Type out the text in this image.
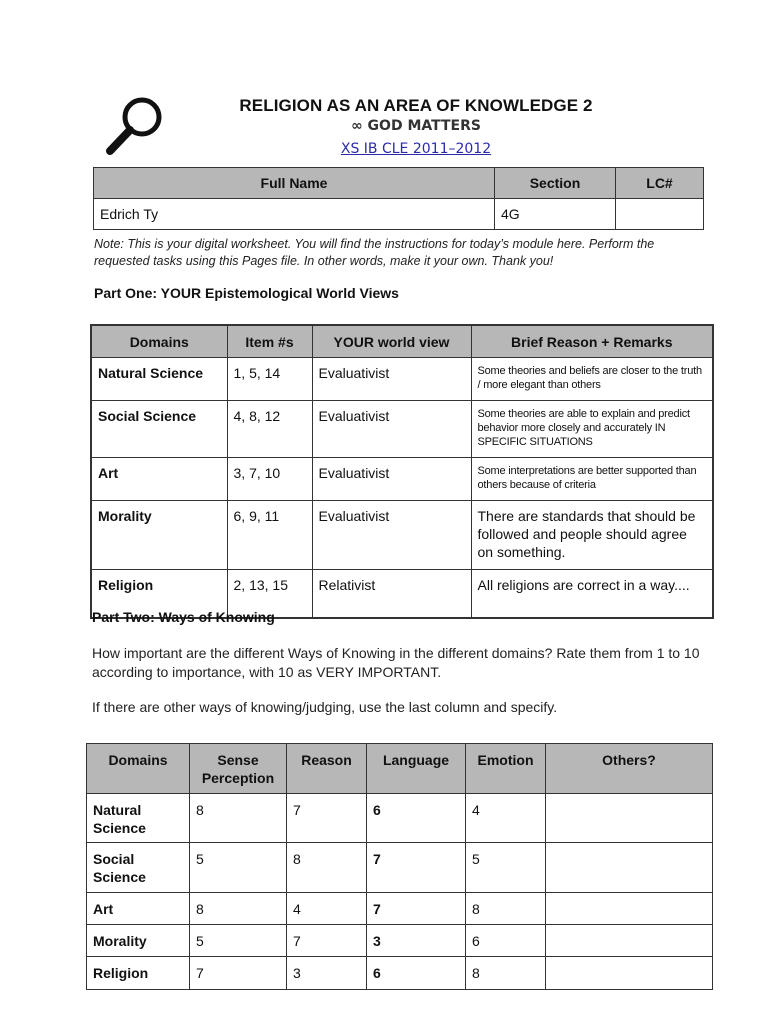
RELIGION AS AN AREA OF KNOWLEDGE 2
∞ GOD MATTERS
XS IB CLE 2011–2012
Full Name	Section	LC#
Edrich Ty	4G	
Note: This is your digital worksheet. You will find the instructions for today’s module here. Perform the requested tasks using this Pages file. In other words, make it your own. Thank you!
Part One: YOUR Epistemological World Views
Domains	Item #s	YOUR world view	Brief Reason + Remarks
Natural Science	1, 5, 14	Evaluativist	Some theories and beliefs are closer to the truth / more elegant than others
Social Science	4, 8, 12	Evaluativist	Some theories are able to explain and predict behavior more closely and accurately IN SPECIFIC SITUATIONS
Art	3, 7, 10	Evaluativist	Some interpretations are better supported than others because of criteria
Morality	6, 9, 11	Evaluativist	There are standards that should be followed and people should agree on something.
Religion	2, 13, 15	Relativist	All religions are correct in a way....
Part Two: Ways of Knowing
How important are the different Ways of Knowing in the different domains? Rate them from 1 to 10 according to importance, with 10 as VERY IMPORTANT.
If there are other ways of knowing/judging, use the last column and specify.
Domains	Sense Perception	Reason	Language	Emotion	Others?
Natural Science	8	7	6	4	
Social Science	5	8	7	5	
Art	8	4	7	8	
Morality	5	7	3	6	
Religion	7	3	6	8	
